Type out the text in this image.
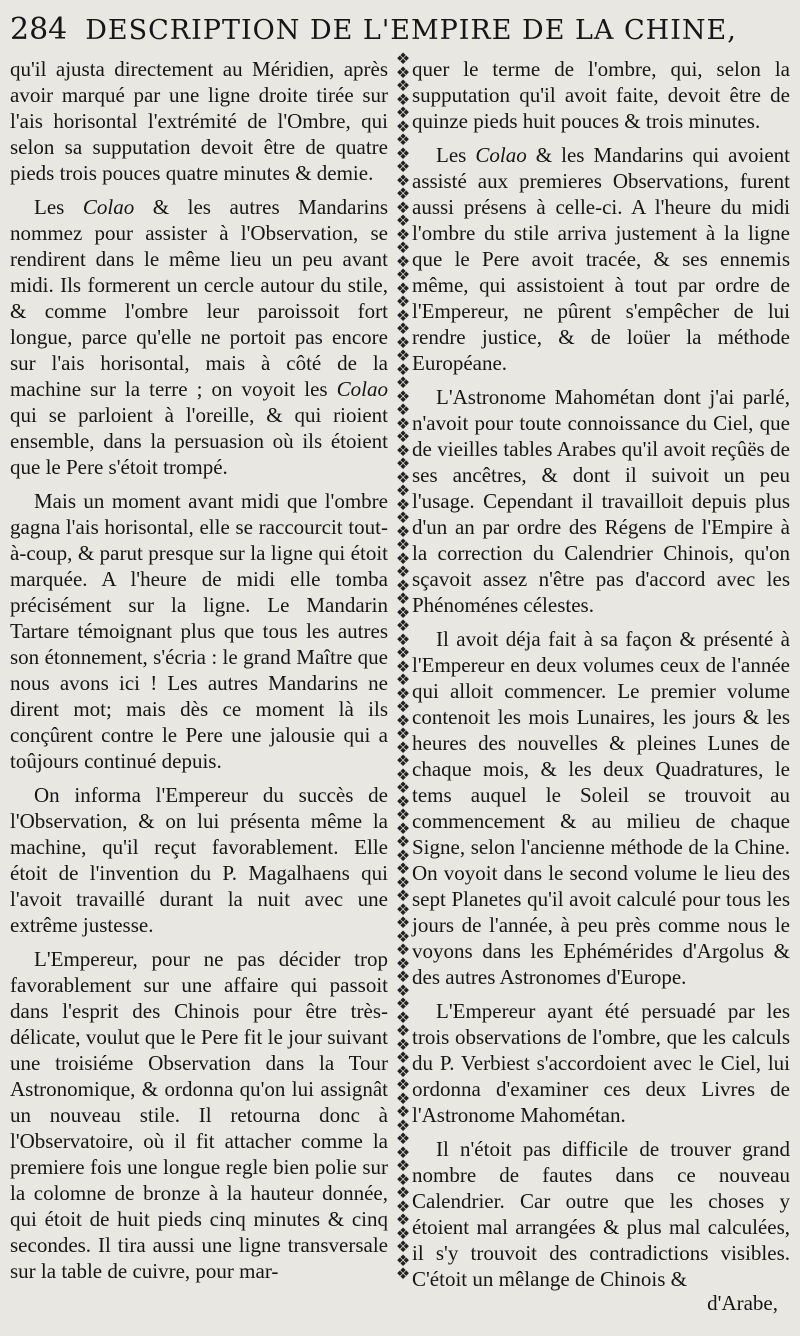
284 DESCRIPTION DE L'EMPIRE DE LA CHINE,

qu'il ajusta directement au Méridien, après avoir marqué par une ligne droite tirée sur l'ais horisontal l'extrémité de l'Ombre, qui selon sa supputation devoit être de quatre pieds trois pouces quatre minutes & demie.

Les Colao & les autres Mandarins nommez pour assister à l'Observation, se rendirent dans le même lieu un peu avant midi. Ils formerent un cercle autour du stile, & comme l'ombre leur paroissoit fort longue, parce qu'elle ne portoit pas encore sur l'ais horisontal, mais à côté de la machine sur la terre ; on voyoit les Colao qui se parloient à l'oreille, & qui rioient ensemble, dans la persuasion où ils étoient que le Pere s'étoit trompé.

Mais un moment avant midi que l'ombre gagna l'ais horisontal, elle se raccourcit tout-à-coup, & parut presque sur la ligne qui étoit marquée. A l'heure de midi elle tomba précisément sur la ligne. Le Mandarin Tartare témoignant plus que tous les autres son étonnement, s'écria : le grand Maître que nous avons ici ! Les autres Mandarins ne dirent mot; mais dès ce moment là ils conçûrent contre le Pere une jalousie qui a toûjours continué depuis.

On informa l'Empereur du succès de l'Observation, & on lui présenta même la machine, qu'il reçut favorablement. Elle étoit de l'invention du P. Magalhaens qui l'avoit travaillé durant la nuit avec une extrême justesse.

L'Empereur, pour ne pas décider trop favorablement sur une affaire qui passoit dans l'esprit des Chinois pour être très-délicate, voulut que le Pere fit le jour suivant une troisiéme Observation dans la Tour Astronomique, & ordonna qu'on lui assignât un nouveau stile. Il retourna donc à l'Observatoire, où il fit attacher comme la premiere fois une longue regle bien polie sur la colomne de bronze à la hauteur donnée, qui étoit de huit pieds cinq minutes & cinq secondes. Il tira aussi une ligne transversale sur la table de cuivre, pour mar-

❖
❖
❖
❖
❖
❖
❖
❖
❖
❖
❖
❖
❖
❖
❖
❖
❖
❖
❖
❖
❖
❖
❖
❖
❖
❖
❖
❖
❖
❖
❖
❖
❖
❖
❖
❖
❖
❖
❖
❖
❖
❖
❖
❖
❖
❖
❖
❖
❖
❖
❖
❖
❖
❖
❖
❖
❖
❖
❖
❖
❖
❖
❖
❖
❖
❖
❖
❖
❖
❖
❖
❖
❖
❖
❖
❖
❖
❖
❖
❖
❖
❖
❖
❖
❖
❖
❖
❖
❖
❖
❖

quer le terme de l'ombre, qui, selon la supputation qu'il avoit faite, devoit être de quinze pieds huit pouces & trois minutes.

Les Colao & les Mandarins qui avoient assisté aux premieres Observations, furent aussi présens à celle-ci. A l'heure du midi l'ombre du stile arriva justement à la ligne que le Pere avoit tracée, & ses ennemis même, qui assistoient à tout par ordre de l'Empereur, ne pûrent s'empêcher de lui rendre justice, & de loüer la méthode Européane.

L'Astronome Mahométan dont j'ai parlé, n'avoit pour toute connoissance du Ciel, que de vieilles tables Arabes qu'il avoit reçûës de ses ancêtres, & dont il suivoit un peu l'usage. Cependant il travailloit depuis plus d'un an par ordre des Régens de l'Empire à la correction du Calendrier Chinois, qu'on sçavoit assez n'être pas d'accord avec les Phénoménes célestes.

Il avoit déja fait à sa façon & présenté à l'Empereur en deux volumes ceux de l'année qui alloit commencer. Le premier volume contenoit les mois Lunaires, les jours & les heures des nouvelles & pleines Lunes de chaque mois, & les deux Quadratures, le tems auquel le Soleil se trouvoit au commencement & au milieu de chaque Signe, selon l'ancienne méthode de la Chine. On voyoit dans le second volume le lieu des sept Planetes qu'il avoit calculé pour tous les jours de l'année, à peu près comme nous le voyons dans les Ephémérides d'Argolus & des autres Astronomes d'Europe.

L'Empereur ayant été persuadé par les trois observations de l'ombre, que les calculs du P. Verbiest s'accordoient avec le Ciel, lui ordonna d'examiner ces deux Livres de l'Astronome Mahométan.

Il n'étoit pas difficile de trouver grand nombre de fautes dans ce nouveau Calendrier. Car outre que les choses y étoient mal arrangées & plus mal calculées, il s'y trouvoit des contradictions visibles. C'étoit un mêlange de Chinois &

d'Arabe,
